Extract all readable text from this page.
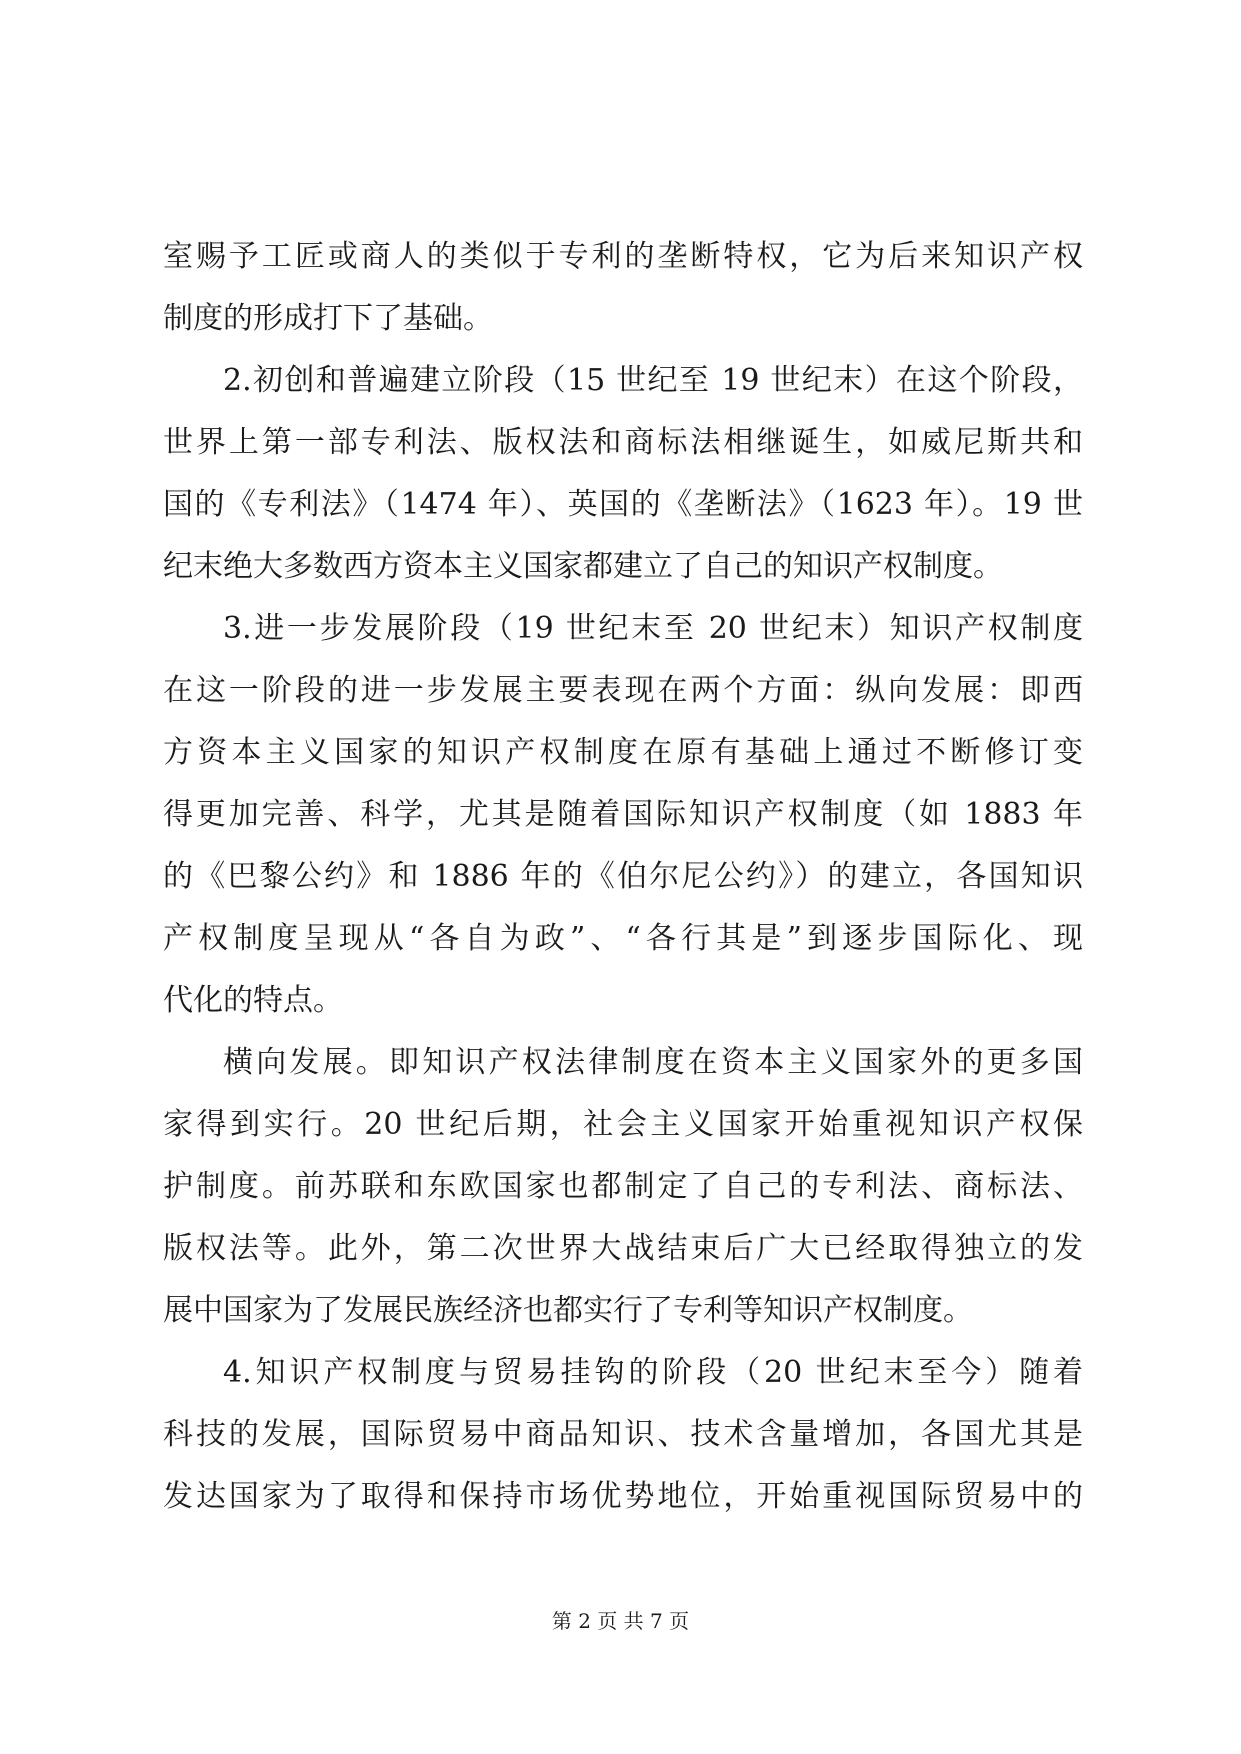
室赐予工匠或商人的类似于专利的垄断特权，它为后来知识产权
制度的形成打下了基础。
2.初创和普遍建立阶段（15 世纪至 19 世纪末）在这个阶段，
世界上第一部专利法、版权法和商标法相继诞生，如威尼斯共和
国的《专利法》（1474 年）、英国的《垄断法》（1623 年）。19 世
纪末绝大多数西方资本主义国家都建立了自己的知识产权制度。
3.进一步发展阶段（19 世纪末至 20 世纪末）知识产权制度
在这一阶段的进一步发展主要表现在两个方面：纵向发展：即西
方资本主义国家的知识产权制度在原有基础上通过不断修订变
得更加完善、科学，尤其是随着国际知识产权制度（如 1883 年
的《巴黎公约》和 1886 年的《伯尔尼公约》）的建立，各国知识
产权制度呈现从“各自为政”、“各行其是”到逐步国际化、现
代化的特点。
横向发展。即知识产权法律制度在资本主义国家外的更多国
家得到实行。20 世纪后期，社会主义国家开始重视知识产权保
护制度。前苏联和东欧国家也都制定了自己的专利法、商标法、
版权法等。此外，第二次世界大战结束后广大已经取得独立的发
展中国家为了发展民族经济也都实行了专利等知识产权制度。
4.知识产权制度与贸易挂钩的阶段（20 世纪末至今）随着
科技的发展，国际贸易中商品知识、技术含量增加，各国尤其是
发达国家为了取得和保持市场优势地位，开始重视国际贸易中的
第 2 页 共 7 页
